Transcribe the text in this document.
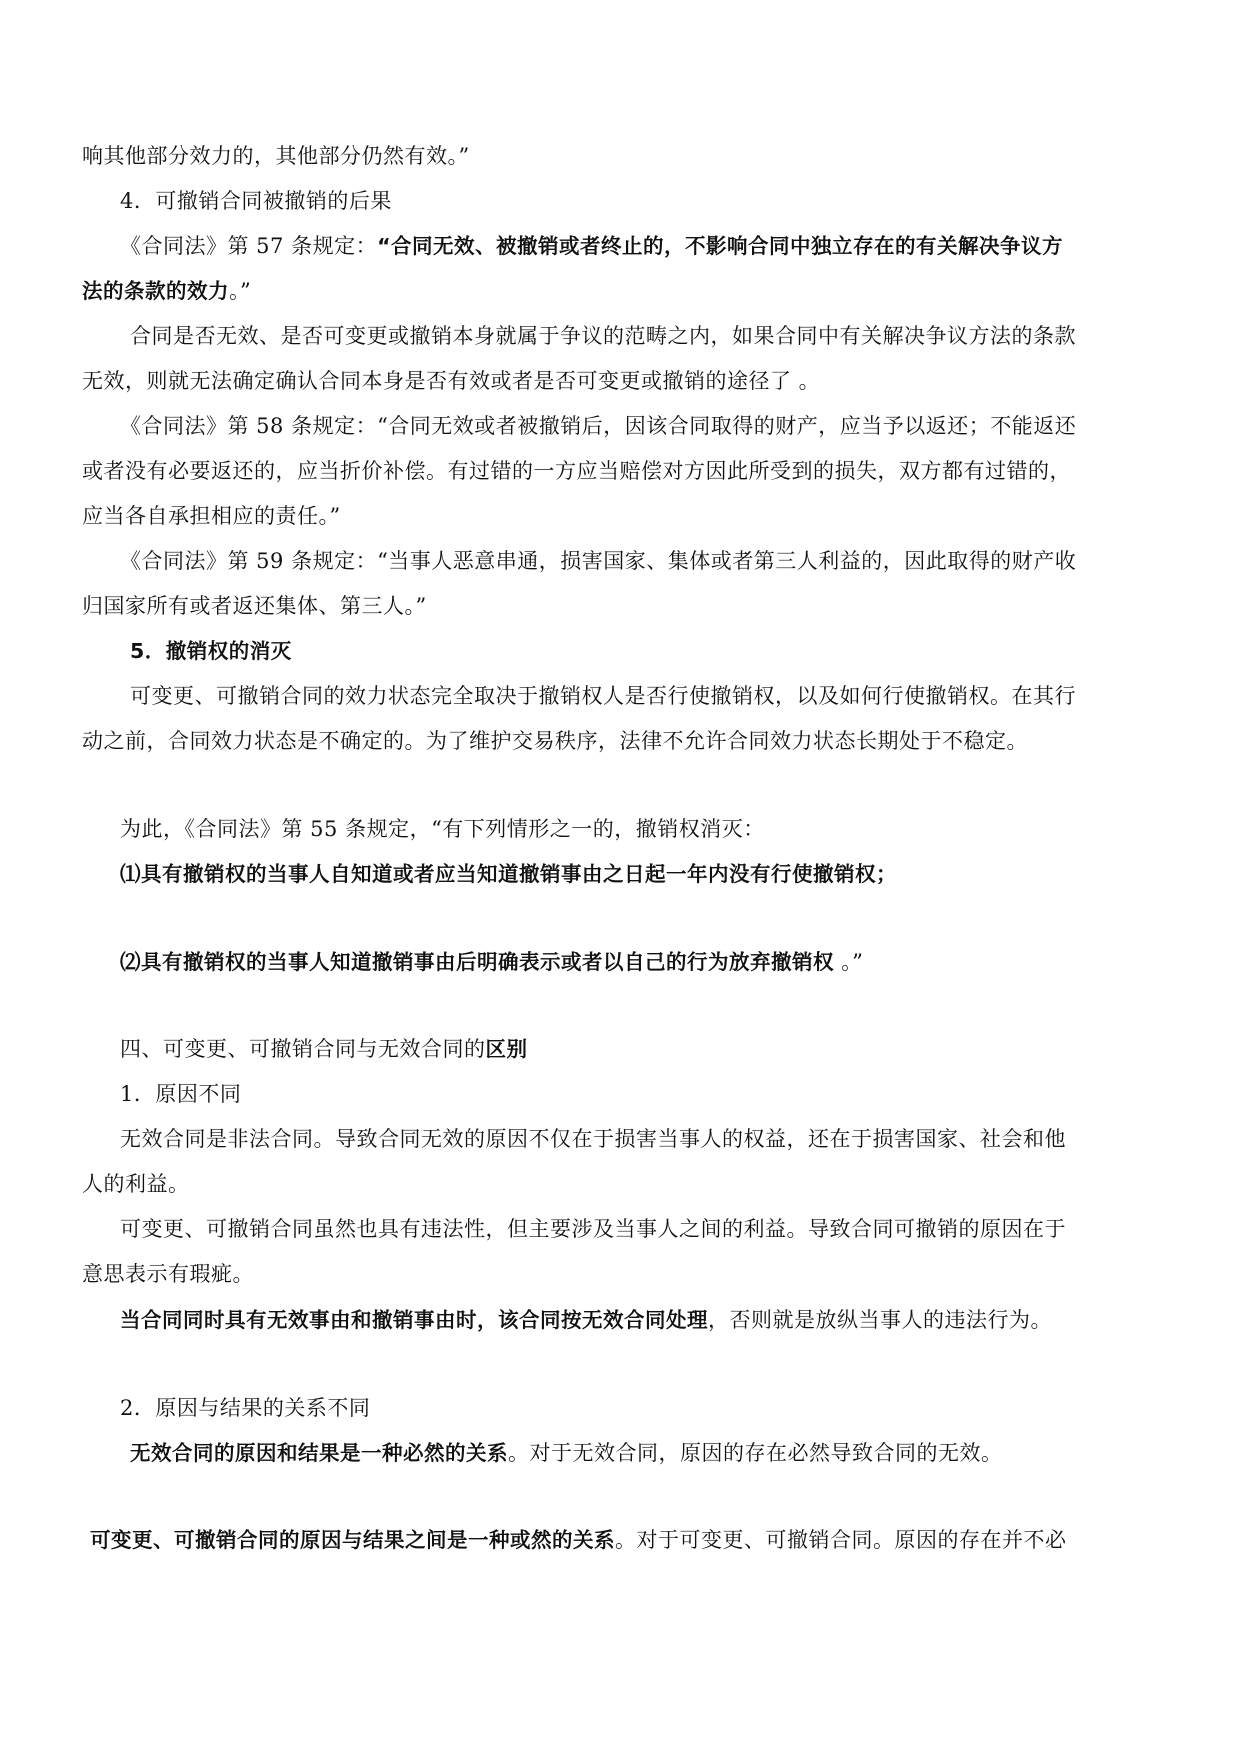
响其他部分效力的，其他部分仍然有效。”
4．可撤销合同被撤销的后果
《合同法》第 57 条规定：“合同无效、被撤销或者终止的，不影响合同中独立存在的有关解决争议方
法的条款的效力。”
合同是否无效、是否可变更或撤销本身就属于争议的范畴之内，如果合同中有关解决争议方法的条款
无效，则就无法确定确认合同本身是否有效或者是否可变更或撤销的途径了 。
《合同法》第 58 条规定：“合同无效或者被撤销后，因该合同取得的财产，应当予以返还；不能返还
或者没有必要返还的，应当折价补偿。有过错的一方应当赔偿对方因此所受到的损失，双方都有过错的，
应当各自承担相应的责任。”
《合同法》第 59 条规定：“当事人恶意串通，损害国家、集体或者第三人利益的，因此取得的财产收
归国家所有或者返还集体、第三人。”
5．撤销权的消灭
可变更、可撤销合同的效力状态完全取决于撤销权人是否行使撤销权，以及如何行使撤销权。在其行
动之前，合同效力状态是不确定的。为了维护交易秩序，法律不允许合同效力状态长期处于不稳定。
为此，《合同法》第 55 条规定，“有下列情形之一的，撤销权消灭：
⑴具有撤销权的当事人自知道或者应当知道撤销事由之日起一年内没有行使撤销权；
⑵具有撤销权的当事人知道撤销事由后明确表示或者以自己的行为放弃撤销权 。”
四、可变更、可撤销合同与无效合同的区别
1．原因不同
无效合同是非法合同。导致合同无效的原因不仅在于损害当事人的权益，还在于损害国家、社会和他
人的利益。
可变更、可撤销合同虽然也具有违法性，但主要涉及当事人之间的利益。导致合同可撤销的原因在于
意思表示有瑕疵。
当合同同时具有无效事由和撤销事由时，该合同按无效合同处理，否则就是放纵当事人的违法行为。
2．原因与结果的关系不同
无效合同的原因和结果是一种必然的关系。对于无效合同，原因的存在必然导致合同的无效。
可变更、可撤销合同的原因与结果之间是一种或然的关系。对于可变更、可撤销合同。原因的存在并不必
